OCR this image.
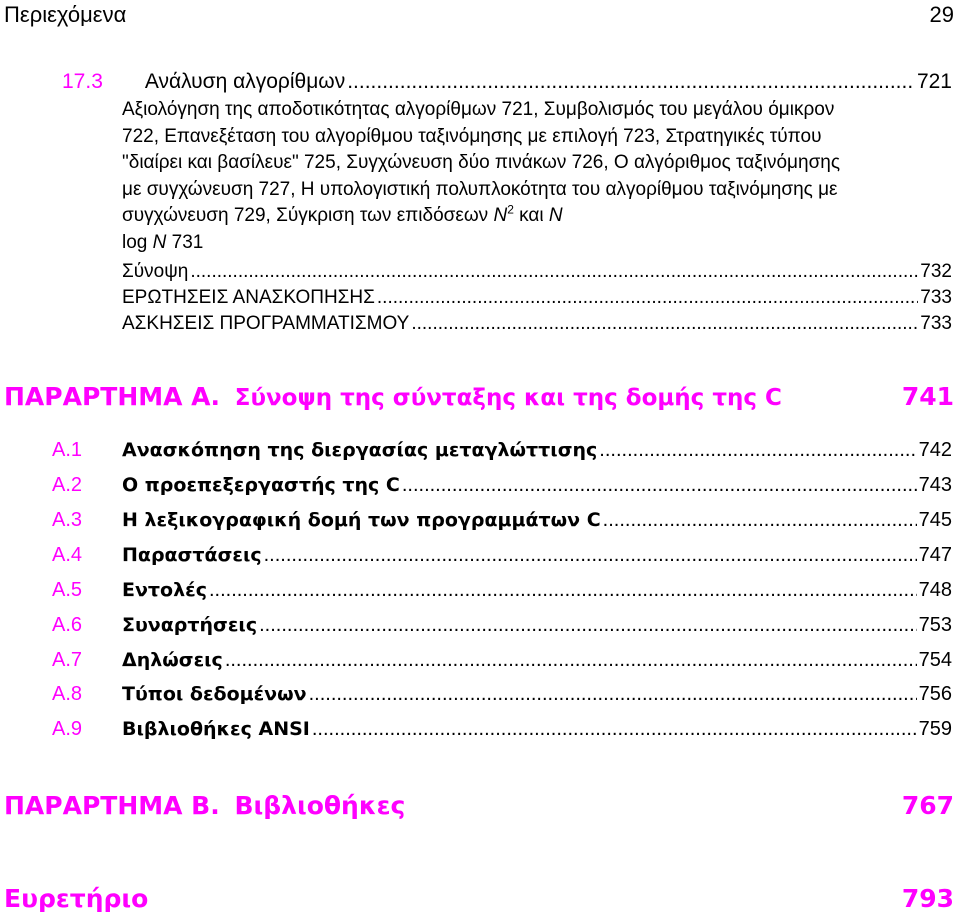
Περιεχόμενα	29
17.3 Ανάλυση αλγορίθμων .....	721
Αξιολόγηση της αποδοτικότητας αλγορίθμων 721, Συμβολισμός του μεγάλου όμικρον 722, Επανεξέταση του αλγορίθμου ταξινόμησης με επιλογή 723, Στρατηγικές τύπου "διαίρει και βασίλευε" 725, Συγχώνευση δύο πινάκων 726, Ο αλγόριθμος ταξινόμησης με συγχώνευση 727, Η υπολογιστική πολυπλοκότητα του αλγορίθμου ταξινόμησης με συγχώνευση 729, Σύγκριση των επιδόσεων $N^2$ και N
log N 731
Σύνοψη .....	732
ΕΡΩΤΗΣΕΙΣ ΑΝΑΣΚΟΠΗΣΗΣ .....	733
ΑΣΚΗΣΕΙΣ ΠΡΟΓΡΑΜΜΑΤΙΣΜΟΥ .....	733
ΠΑΡΑΡΤΗΜΑ Α. Σύνοψη της σύνταξης και της δομής της C	741
A.1	Ανασκόπηση της διεργασίας μεταγλώττισης .....	742
A.2	Ο προεπεξεργαστής της C .....	743
A.3	Η λεξικογραφική δομή των προγραμμάτων C .....	745
A.4	Παραστάσεις .....	747
A.5	Εντολές .....	748
A.6	Συναρτήσεις .....	753
A.7	Δηλώσεις .....	754
A.8	Τύποι δεδομένων .....	756
A.9	Βιβλιοθήκες ANSI .....	759
ΠΑΡΑΡΤΗΜΑ Β. Βιβλιοθήκες	767
Ευρετήριο	793
